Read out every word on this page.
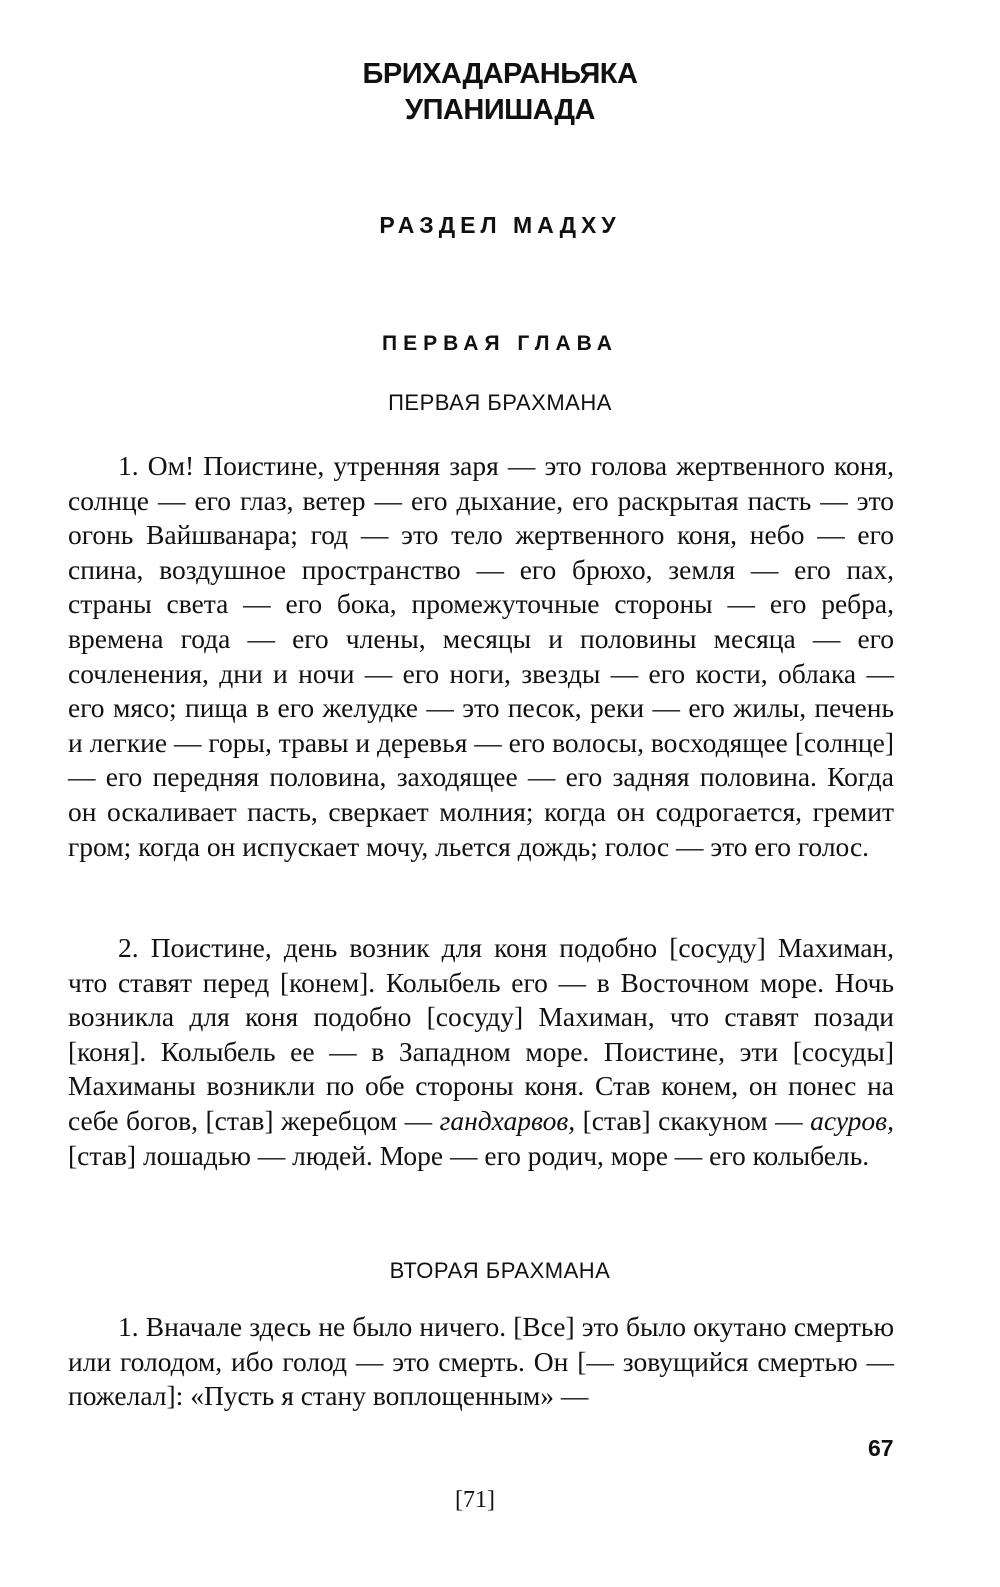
БРИХАДАРАНЬЯКА
УПАНИШАДА
РАЗДЕЛ МАДХУ
ПЕРВАЯ ГЛАВА
ПЕРВАЯ БРАХМАНА

1. Ом! Поистине, утренняя заря — это голова жертвенного коня, солнце — его глаз, ветер — его дыхание, его раскрытая пасть — это огонь Вайшванара; год — это тело жертвенного коня, небо — его спина, воздушное пространство — его брюхо, земля — его пах, страны света — его бока, промежуточные стороны — его ребра, времена года — его члены, месяцы и половины месяца — его сочленения, дни и ночи — его ноги, звезды — его кости, облака — его мясо; пища в его желудке — это песок, реки — его жилы, печень и легкие — горы, травы и деревья — его волосы, восходящее [солнце] — его передняя половина, заходящее — его задняя половина. Когда он оскаливает пасть, сверкает молния; когда он содрогается, гремит гром; когда он испускает мочу, льется дождь; голос — это его голос.

2. Поистине, день возник для коня подобно [сосуду] Махиман, что ставят перед [конем]. Колыбель его — в Восточном море. Ночь возникла для коня подобно [сосуду] Махиман, что ставят позади [коня]. Колыбель ее — в Западном море. Поистине, эти [сосуды] Махиманы возникли по обе стороны коня. Став конем, он понес на себе богов, [став] жеребцом — гандхарвов, [став] скакуном — асуров, [став] лошадью — людей. Море — его родич, море — его колыбель.

ВТОРАЯ БРАХМАНА

1. Вначале здесь не было ничего. [Все] это было окутано смертью или голодом, ибо голод — это смерть. Он [— зовущийся смертью — пожелал]: «Пусть я стану воплощенным» —

67
[71]
